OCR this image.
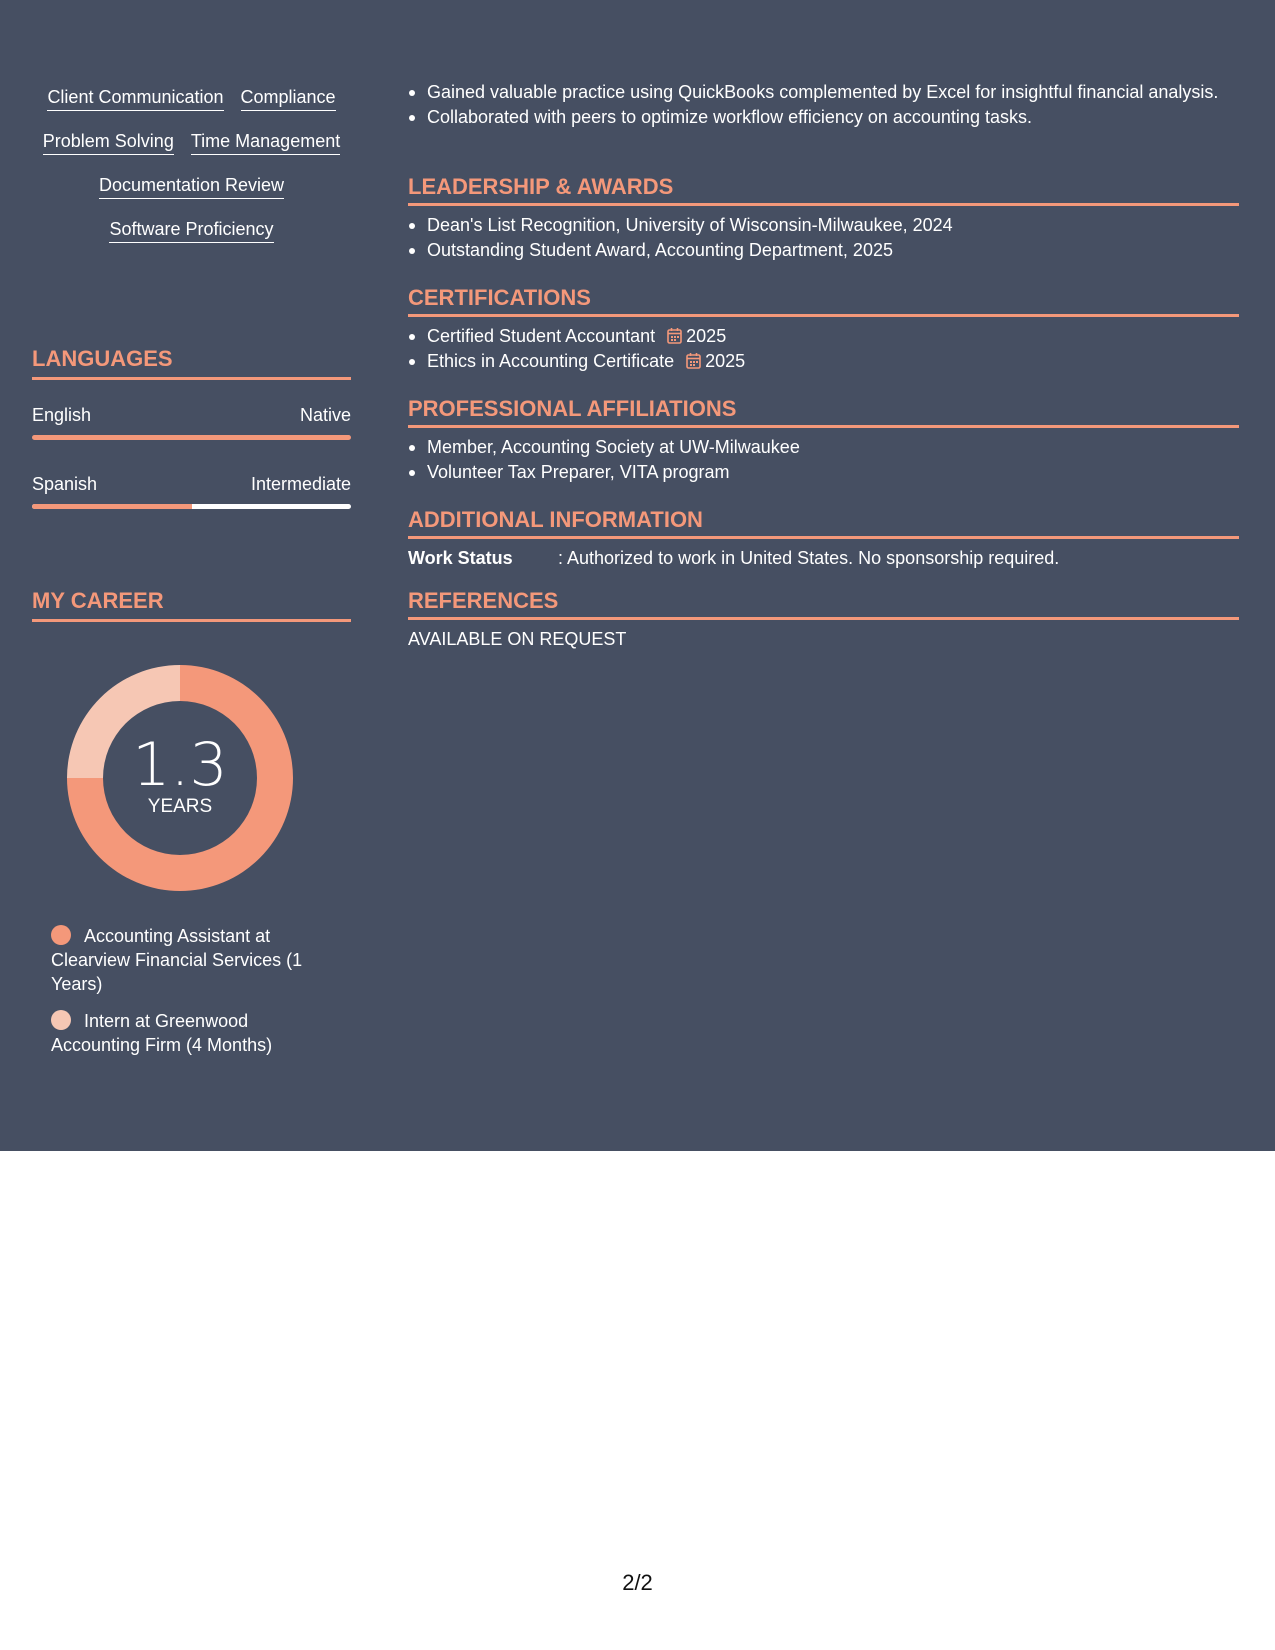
Client Communication Compliance
Problem Solving Time Management
Documentation Review
Software Proficiency
LANGUAGES
English	Native
Spanish	Intermediate
MY CAREER
1.3
YEARS
Accounting Assistant at Clearview Financial Services (1 Years)
Intern at Greenwood Accounting Firm (4 Months)
Gained valuable practice using QuickBooks complemented by Excel for insightful financial analysis.
Collaborated with peers to optimize workflow efficiency on accounting tasks.
LEADERSHIP & AWARDS
Dean's List Recognition, University of Wisconsin-Milwaukee, 2024
Outstanding Student Award, Accounting Department, 2025
CERTIFICATIONS
Certified Student Accountant 2025
Ethics in Accounting Certificate 2025
PROFESSIONAL AFFILIATIONS
Member, Accounting Society at UW-Milwaukee
Volunteer Tax Preparer, VITA program
ADDITIONAL INFORMATION
Work Status	: Authorized to work in United States. No sponsorship required.
REFERENCES
AVAILABLE ON REQUEST
2/2
